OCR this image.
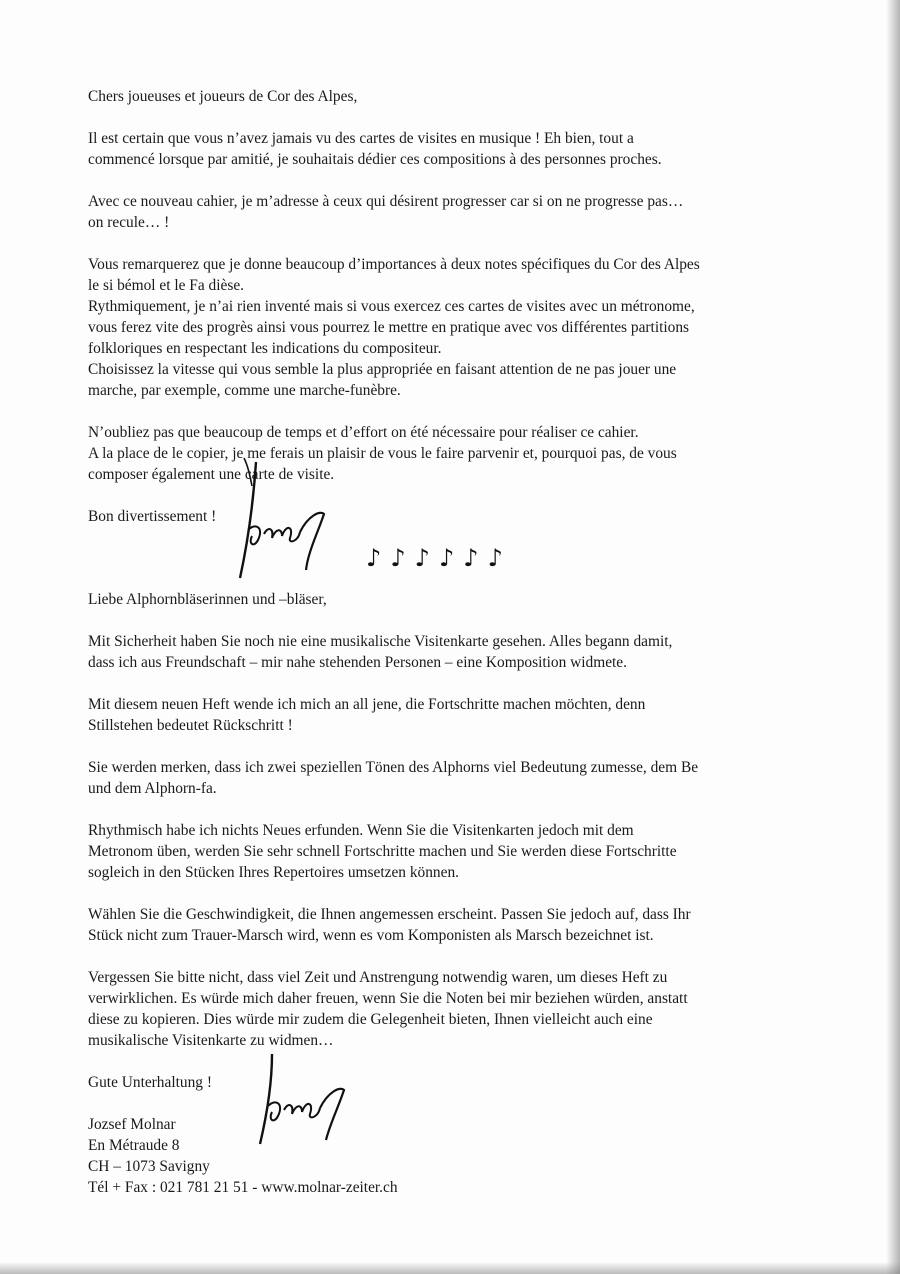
Chers joueuses et joueurs de Cor des Alpes,

Il est certain que vous n’avez jamais vu des cartes de visites en musique ! Eh bien, tout a

commencé lorsque par amitié, je souhaitais dédier ces compositions à des personnes proches.

Avec ce nouveau cahier, je m’adresse à ceux qui désirent progresser car si on ne progresse pas…

on recule… !

Vous remarquerez que je donne beaucoup d’importances à deux notes spécifiques du Cor des Alpes

le si bémol et le Fa dièse.

Rythmiquement, je n’ai rien inventé mais si vous exercez ces cartes de visites avec un métronome,

vous ferez vite des progrès ainsi vous pourrez le mettre en pratique avec vos différentes partitions

folkloriques en respectant les indications du compositeur.

Choisissez la vitesse qui vous semble la plus appropriée en faisant attention de ne pas jouer une

marche, par exemple, comme une marche-funèbre.

N’oubliez pas que beaucoup de temps et d’effort on été nécessaire pour réaliser ce cahier.

A la place de le copier, je me ferais un plaisir de vous le faire parvenir et, pourquoi pas, de vous

composer également une carte de visite.

Bon divertissement !

Liebe Alphornbläserinnen und –bläser,

Mit Sicherheit haben Sie noch nie eine musikalische Visitenkarte gesehen. Alles begann damit,

dass ich aus Freundschaft – mir nahe stehenden Personen – eine Komposition widmete.

Mit diesem neuen Heft wende ich mich an all jene, die Fortschritte machen möchten, denn

Stillstehen bedeutet Rückschritt !

Sie werden merken, dass ich zwei speziellen Tönen des Alphorns viel Bedeutung zumesse, dem Be

und dem Alphorn-fa.

Rhythmisch habe ich nichts Neues erfunden. Wenn Sie die Visitenkarten jedoch mit dem

Metronom üben, werden Sie sehr schnell Fortschritte machen und Sie werden diese Fortschritte

sogleich in den Stücken Ihres Repertoires umsetzen können.

Wählen Sie die Geschwindigkeit, die Ihnen angemessen erscheint. Passen Sie jedoch auf, dass Ihr

Stück nicht zum Trauer-Marsch wird, wenn es vom Komponisten als Marsch bezeichnet ist.

Vergessen Sie bitte nicht, dass viel Zeit und Anstrengung notwendig waren, um dieses Heft zu

verwirklichen. Es würde mich daher freuen, wenn Sie die Noten bei mir beziehen würden, anstatt

diese zu kopieren. Dies würde mir zudem die Gelegenheit bieten, Ihnen vielleicht auch eine

musikalische Visitenkarte zu widmen…

Gute Unterhaltung !

Jozsef Molnar

En Métraude 8

CH – 1073 Savigny

Tél + Fax : 021 781 21 51 - www.molnar-zeiter.ch

♪♪♪♪♪♪
